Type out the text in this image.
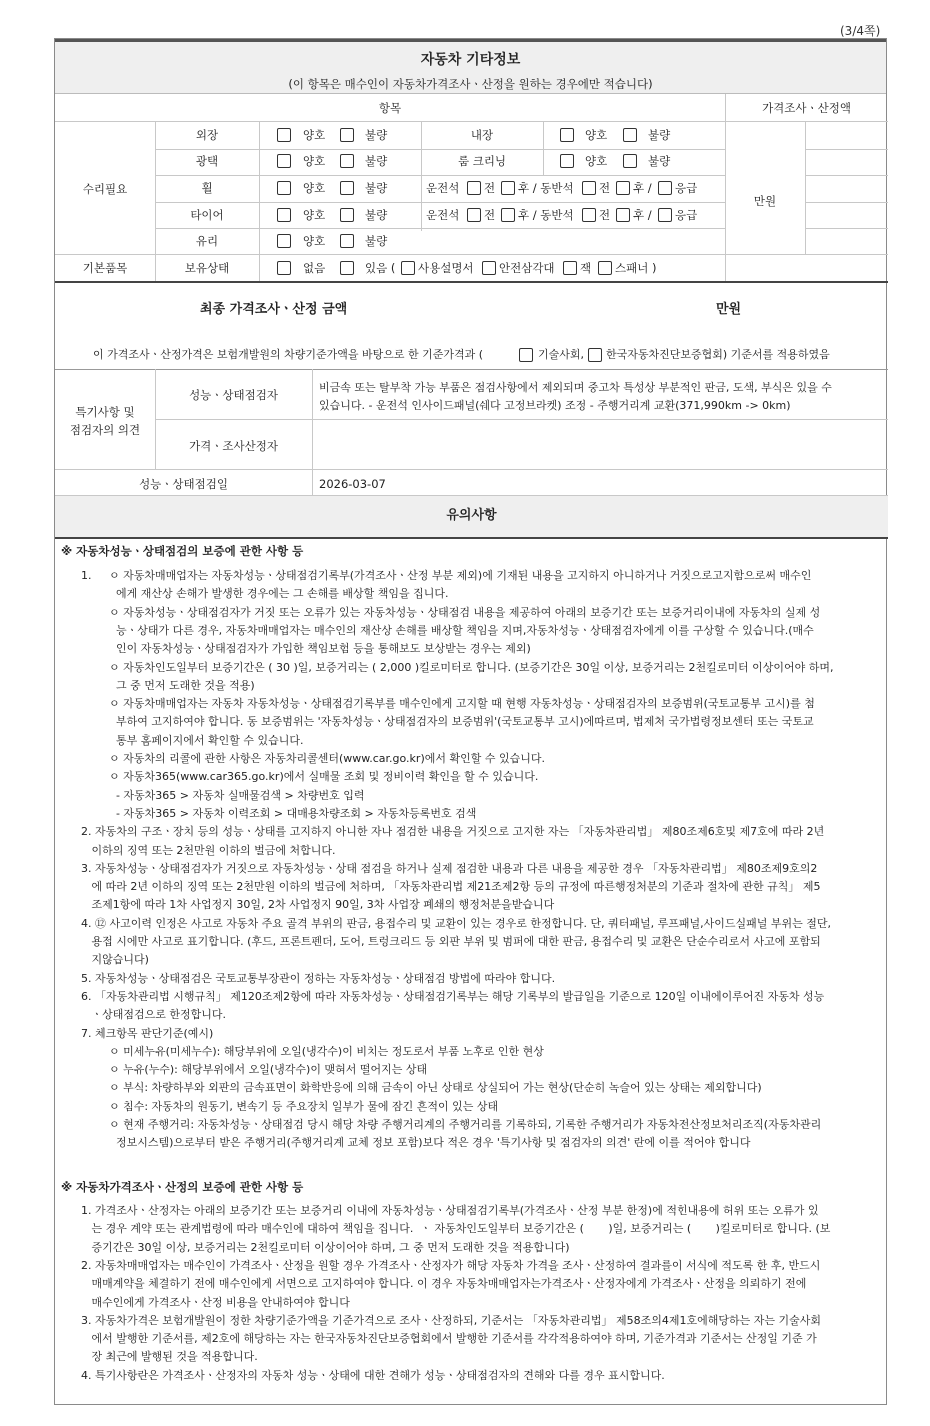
(3/4쪽)
자동차 기타정보
(이 항목은 매수인이 자동차가격조사ㆍ산정을 원하는 경우에만 적습니다)
항목	가격조사ㆍ산정액
수리필요
기본품목
만원
외장	양호	불량	내장	양호	불량
광택	양호	불량	룸 크리닝	양호	불량
휠	양호	불량	운전석 전 후 / 동반석 전 후 / 응급
타이어	양호	불량	운전석 전 후 / 동반석 전 후 / 응급
유리	양호	불량
보유상태	없음	있음 ( 사용설명서 안전삼각대 잭 스패너 )
최종 가격조사ㆍ산정 금액	만원
이 가격조사ㆍ산정가격은 보험개발원의 차량기준가액을 바탕으로 한 기준가격과 (	기술사회, 한국자동차진단보증협회) 기준서를 적용하였음
특기사항 및
점검자의 의견
성능ㆍ상태점검자
비금속 또는 탈부착 가능 부품은 점검사항에서 제외되며 중고차 특성상 부분적인 판금, 도색, 부식은 있을 수
있습니다. - 운전석 인사이드패널(쉐다 고정브라켓) 조정 - 주행거리계 교환(371,990km -> 0km)
가격ㆍ조사산정자
성능ㆍ상태점검일	2026-03-07
유의사항
※ 자동차성능ㆍ상태점검의 보증에 관한 사항 등
1.     ㅇ 자동차매매업자는 자동차성능ㆍ상태점검기록부(가격조사ㆍ산정 부분 제외)에 기재된 내용을 고지하지 아니하거나 거짓으로고지함으로써 매수인
에게 재산상 손해가 발생한 경우에는 그 손해를 배상할 책임을 집니다.
ㅇ 자동차성능ㆍ상태점검자가 거짓 또는 오류가 있는 자동차성능ㆍ상태점검 내용을 제공하여 아래의 보증기간 또는 보증거리이내에 자동차의 실제 성
능ㆍ상태가 다른 경우, 자동차매매업자는 매수인의 재산상 손해를 배상할 책임을 지며,자동차성능ㆍ상태점검자에게 이를 구상할 수 있습니다.(매수
인이 자동차성능ㆍ상태점검자가 가입한 책임보험 등을 통해보도 보상받는 경우는 제외)
ㅇ 자동차인도일부터 보증기간은 ( 30 )일, 보증거리는 ( 2,000 )킬로미터로 합니다. (보증기간은 30일 이상, 보증거리는 2천킬로미터 이상이어야 하며,
그 중 먼저 도래한 것을 적용)
ㅇ 자동차매매업자는 자동차 자동차성능ㆍ상태점검기록부를 매수인에게 고지할 때 현행 자동차성능ㆍ상태점검자의 보증범위(국토교통부 고시)를 첨
부하여 고지하여야 합니다. 동 보증범위는 '자동차성능ㆍ상태점검자의 보증범위'(국토교통부 고시)에따르며, 법제처 국가법령정보센터 또는 국토교
통부 홈페이지에서 확인할 수 있습니다.
ㅇ 자동차의 리콜에 관한 사항은 자동차리콜센터(www.car.go.kr)에서 확인할 수 있습니다.
ㅇ 자동차365(www.car365.go.kr)에서 실매물 조회 및 정비이력 확인을 할 수 있습니다.
- 자동차365 > 자동차 실매물검색 > 차량번호 입력
- 자동차365 > 자동차 이력조회 > 대매용차량조회 > 자동차등록번호 검색
2. 자동차의 구조ㆍ장치 등의 성능ㆍ상태를 고지하지 아니한 자나 점검한 내용을 거짓으로 고지한 자는 「자동차관리법」 제80조제6호및 제7호에 따라 2년
이하의 징역 또는 2천만원 이하의 벌금에 처합니다.
3. 자동차성능ㆍ상태점검자가 거짓으로 자동차성능ㆍ상태 점검을 하거나 실제 점검한 내용과 다른 내용을 제공한 경우 「자동차관리법」 제80조제9호의2
에 따라 2년 이하의 징역 또는 2천만원 이하의 벌금에 처하며, 「자동차관리법 제21조제2항 등의 규정에 따른행정처분의 기준과 절차에 관한 규칙」 제5
조제1항에 따라 1차 사업정지 30일, 2차 사업정지 90일, 3차 사업장 폐쇄의 행정처분을받습니다
4. ⑫ 사고이력 인정은 사고로 자동차 주요 골격 부위의 판금, 용접수리 및 교환이 있는 경우로 한정합니다. 단, 쿼터패널, 루프패널,사이드실패널 부위는 절단,
용접 시에만 사고로 표기합니다. (후드, 프론트펜더, 도어, 트렁크리드 등 외판 부위 및 범퍼에 대한 판금, 용접수리 및 교환은 단순수리로서 사고에 포함되
지않습니다)
5. 자동차성능ㆍ상태점검은 국토교통부장관이 정하는 자동차성능ㆍ상태점검 방법에 따라야 합니다.
6. 「자동차관리법 시행규칙」 제120조제2항에 따라 자동차성능ㆍ상태점검기록부는 해당 기록부의 발급일을 기준으로 120일 이내에이루어진 자동차 성능
ㆍ상태점검으로 한정합니다.
7. 체크항목 판단기준(예시)
ㅇ 미세누유(미세누수): 해당부위에 오일(냉각수)이 비치는 정도로서 부품 노후로 인한 현상
ㅇ 누유(누수): 해당부위에서 오일(냉각수)이 맺혀서 떨어지는 상태
ㅇ 부식: 차량하부와 외판의 금속표면이 화학반응에 의해 금속이 아닌 상태로 상실되어 가는 현상(단순히 녹슬어 있는 상태는 제외합니다)
ㅇ 침수: 자동차의 원동기, 변속기 등 주요장치 일부가 물에 잠긴 흔적이 있는 상태
ㅇ 현재 주행거리: 자동차성능ㆍ상태점검 당시 해당 차량 주행거리계의 주행거리를 기록하되, 기록한 주행거리가 자동차전산정보처리조직(자동차관리
정보시스템)으로부터 받은 주행거리(주행거리계 교체 정보 포함)보다 적은 경우 '특기사항 및 점검자의 의견' 란에 이를 적어야 합니다
※ 자동차가격조사ㆍ산정의 보증에 관한 사항 등
1. 가격조사ㆍ산정자는 아래의 보증기간 또는 보증거리 이내에 자동차성능ㆍ상태점검기록부(가격조사ㆍ산정 부분 한정)에 적힌내용에 허위 또는 오류가 있
는 경우 계약 또는 관계법령에 따라 매수인에 대하여 책임을 집니다.  ㆍ 자동차인도일부터 보증기간은 (       )일, 보증거리는 (       )킬로미터로 합니다. (보
증기간은 30일 이상, 보증거리는 2천킬로미터 이상이어야 하며, 그 중 먼저 도래한 것을 적용합니다)
2. 자동차매매업자는 매수인이 가격조사ㆍ산정을 원할 경우 가격조사ㆍ산정자가 해당 자동차 가격을 조사ㆍ산정하여 결과를이 서식에 적도록 한 후, 반드시
매매계약을 체결하기 전에 매수인에게 서면으로 고지하여야 합니다. 이 경우 자동차매매업자는가격조사ㆍ산정자에게 가격조사ㆍ산정을 의뢰하기 전에
매수인에게 가격조사ㆍ산정 비용을 안내하여야 합니다
3. 자동차가격은 보험개발원이 정한 차량기준가액을 기준가격으로 조사ㆍ산정하되, 기준서는 「자동차관리법」 제58조의4제1호에해당하는 자는 기술사회
에서 발행한 기준서를, 제2호에 해당하는 자는 한국자동차진단보증협회에서 발행한 기준서를 각각적용하여야 하며, 기준가격과 기준서는 산정일 기준 가
장 최근에 발행된 것을 적용합니다.
4. 특기사항란은 가격조사ㆍ산정자의 자동차 성능ㆍ상태에 대한 견해가 성능ㆍ상태점검자의 견해와 다를 경우 표시합니다.
